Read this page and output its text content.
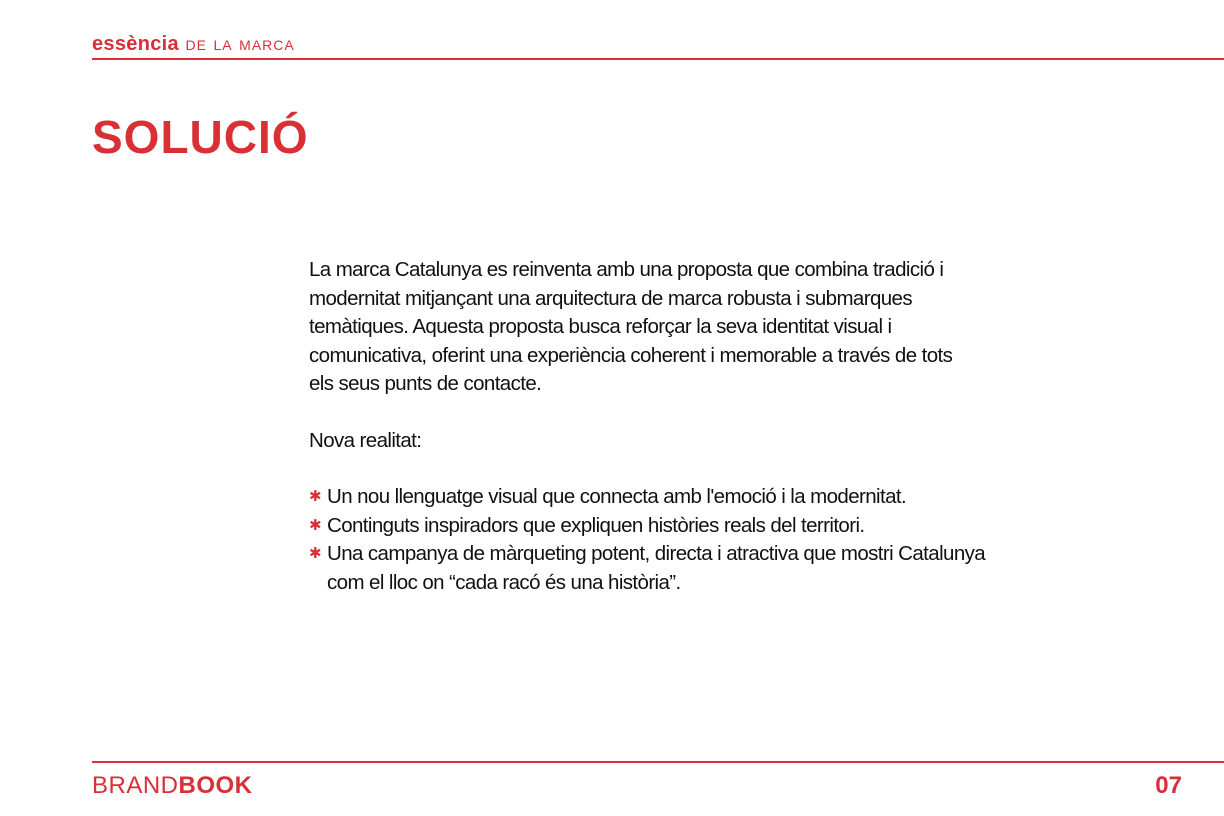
essència de la marca
SOLUCIÓ

La marca Catalunya es reinventa amb una proposta que combina tradició i modernitat mitjançant una arquitectura de marca robusta i submarques temàtiques. Aquesta proposta busca reforçar la seva identitat visual i comunicativa, oferint una experiència coherent i memorable a través de tots els seus punts de contacte.

Nova realitat:

✱ Un nou llenguatge visual que connecta amb l'emoció i la modernitat.
✱ Continguts inspiradors que expliquen històries reals del territori.
✱ Una campanya de màrqueting potent, directa i atractiva que mostri Catalunya com el lloc on “cada racó és una història”.
BRANDBOOK	07
